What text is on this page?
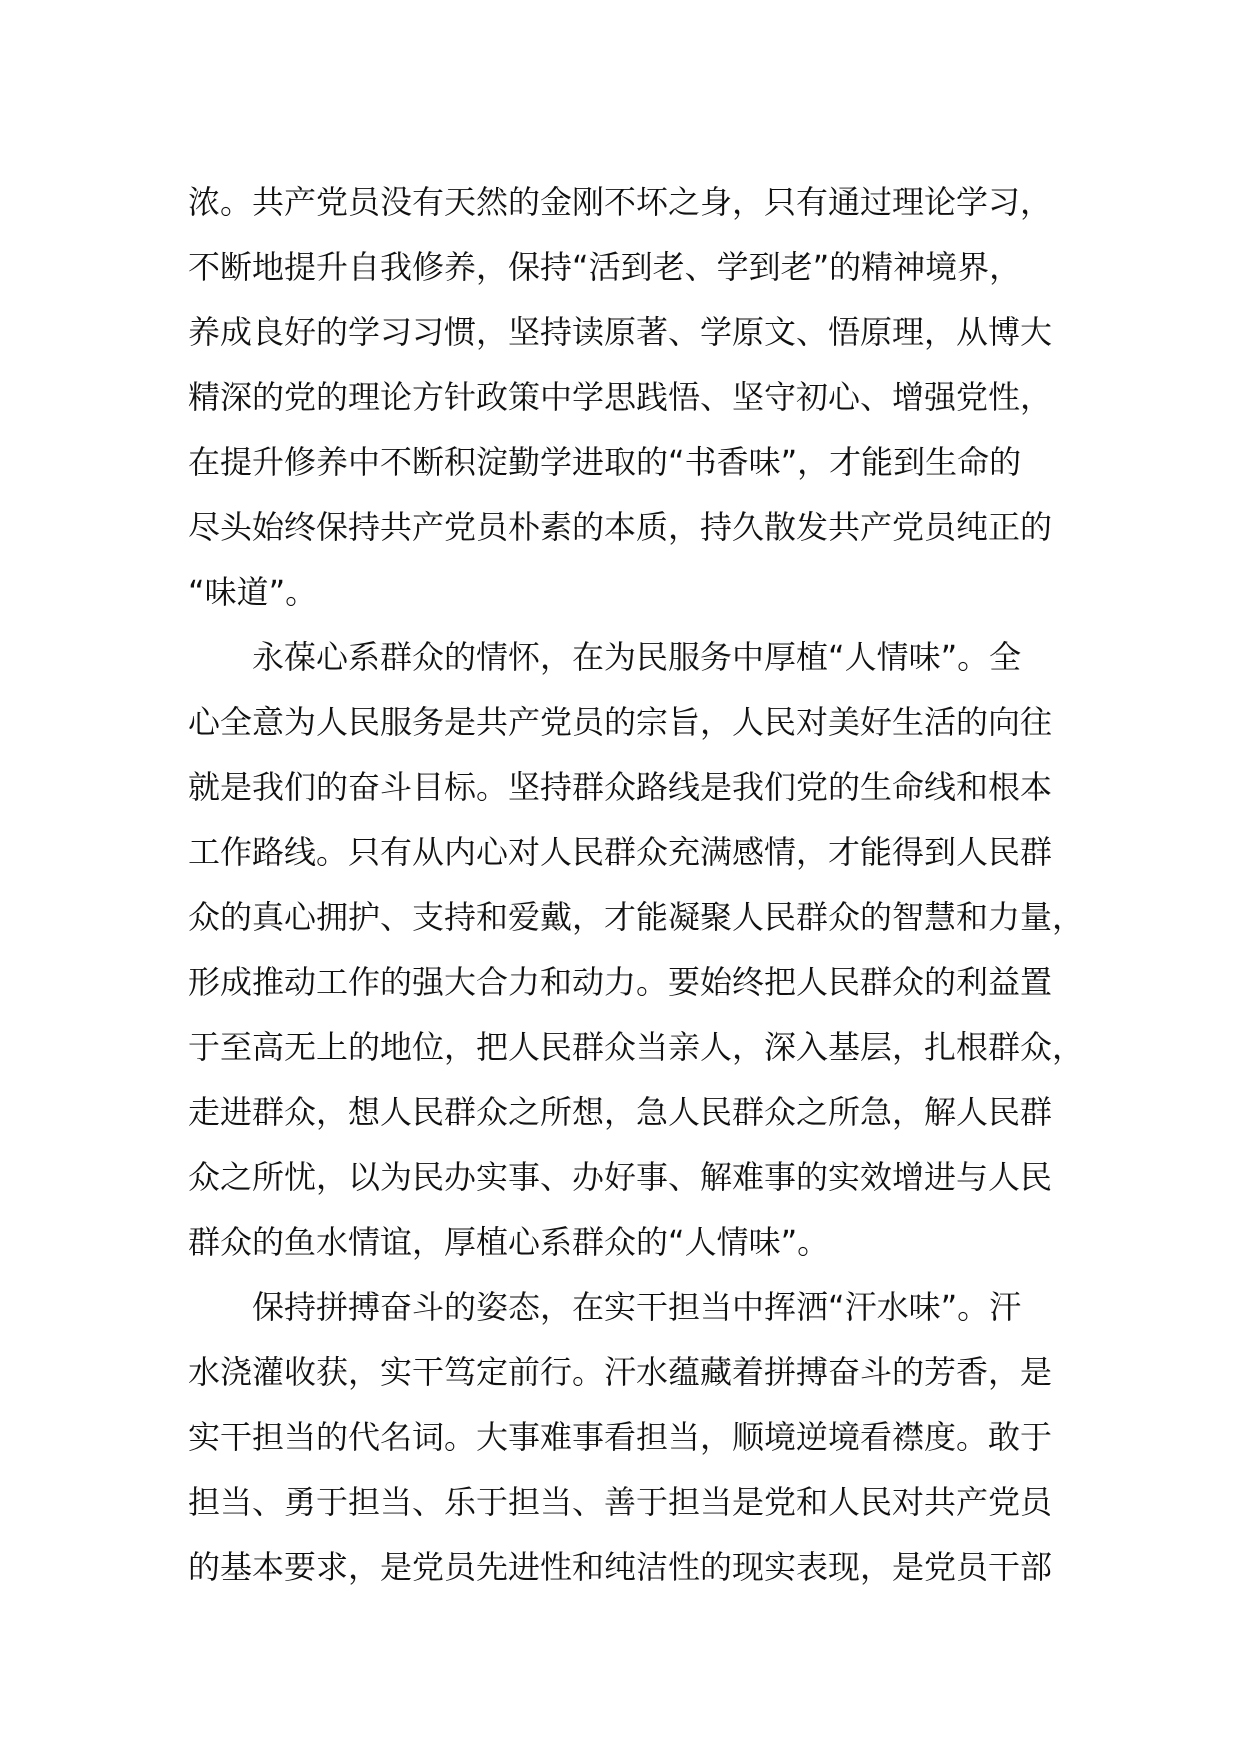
浓。共产党员没有天然的金刚不坏之身，只有通过理论学习，
不断地提升自我修养，保持“活到老、学到老”的精神境界，
养成良好的学习习惯，坚持读原著、学原文、悟原理，从博大
精深的党的理论方针政策中学思践悟、坚守初心、增强党性，
在提升修养中不断积淀勤学进取的“书香味”，才能到生命的
尽头始终保持共产党员朴素的本质，持久散发共产党员纯正的
“味道”。
　　永葆心系群众的情怀，在为民服务中厚植“人情味”。全
心全意为人民服务是共产党员的宗旨，人民对美好生活的向往
就是我们的奋斗目标。坚持群众路线是我们党的生命线和根本
工作路线。只有从内心对人民群众充满感情，才能得到人民群
众的真心拥护、支持和爱戴，才能凝聚人民群众的智慧和力量，
形成推动工作的强大合力和动力。要始终把人民群众的利益置
于至高无上的地位，把人民群众当亲人，深入基层，扎根群众，
走进群众，想人民群众之所想，急人民群众之所急，解人民群
众之所忧，以为民办实事、办好事、解难事的实效增进与人民
群众的鱼水情谊，厚植心系群众的“人情味”。
　　保持拼搏奋斗的姿态，在实干担当中挥洒“汗水味”。汗
水浇灌收获，实干笃定前行。汗水蕴藏着拼搏奋斗的芳香，是
实干担当的代名词。大事难事看担当，顺境逆境看襟度。敢于
担当、勇于担当、乐于担当、善于担当是党和人民对共产党员
的基本要求，是党员先进性和纯洁性的现实表现，是党员干部
